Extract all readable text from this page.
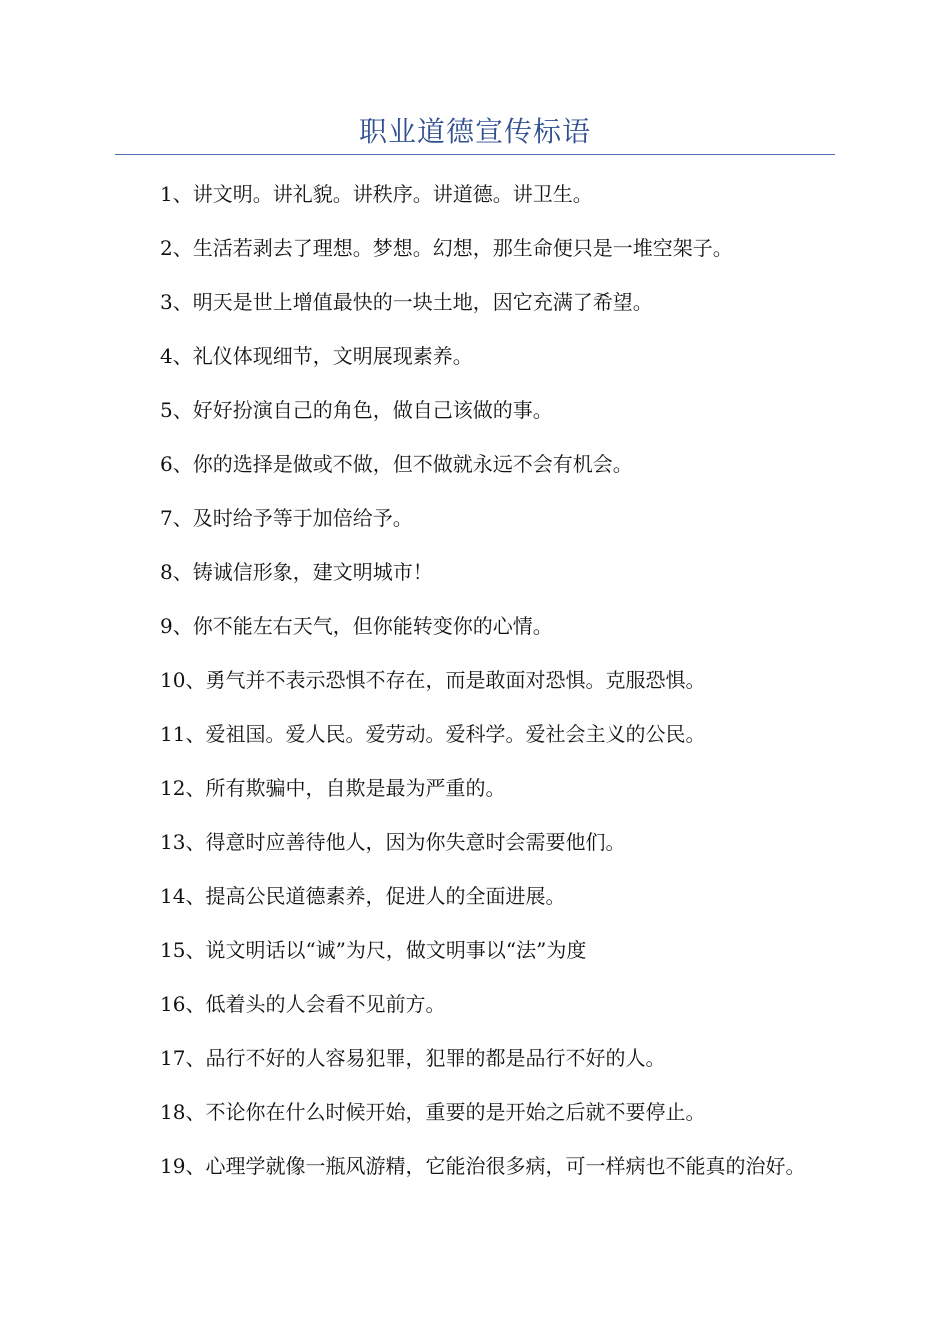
职业道德宣传标语
1、讲文明。讲礼貌。讲秩序。讲道德。讲卫生。
2、生活若剥去了理想。梦想。幻想，那生命便只是一堆空架子。
3、明天是世上增值最快的一块土地，因它充满了希望。
4、礼仪体现细节，文明展现素养。
5、好好扮演自己的角色，做自己该做的事。
6、你的选择是做或不做，但不做就永远不会有机会。
7、及时给予等于加倍给予。
8、铸诚信形象，建文明城市！
9、你不能左右天气，但你能转变你的心情。
10、勇气并不表示恐惧不存在，而是敢面对恐惧。克服恐惧。
11、爱祖国。爱人民。爱劳动。爱科学。爱社会主义的公民。
12、所有欺骗中，自欺是最为严重的。
13、得意时应善待他人，因为你失意时会需要他们。
14、提高公民道德素养，促进人的全面进展。
15、说文明话以“诚”为尺，做文明事以“法”为度
16、低着头的人会看不见前方。
17、品行不好的人容易犯罪，犯罪的都是品行不好的人。
18、不论你在什么时候开始，重要的是开始之后就不要停止。
19、心理学就像一瓶风游精，它能治很多病，可一样病也不能真的治好。
